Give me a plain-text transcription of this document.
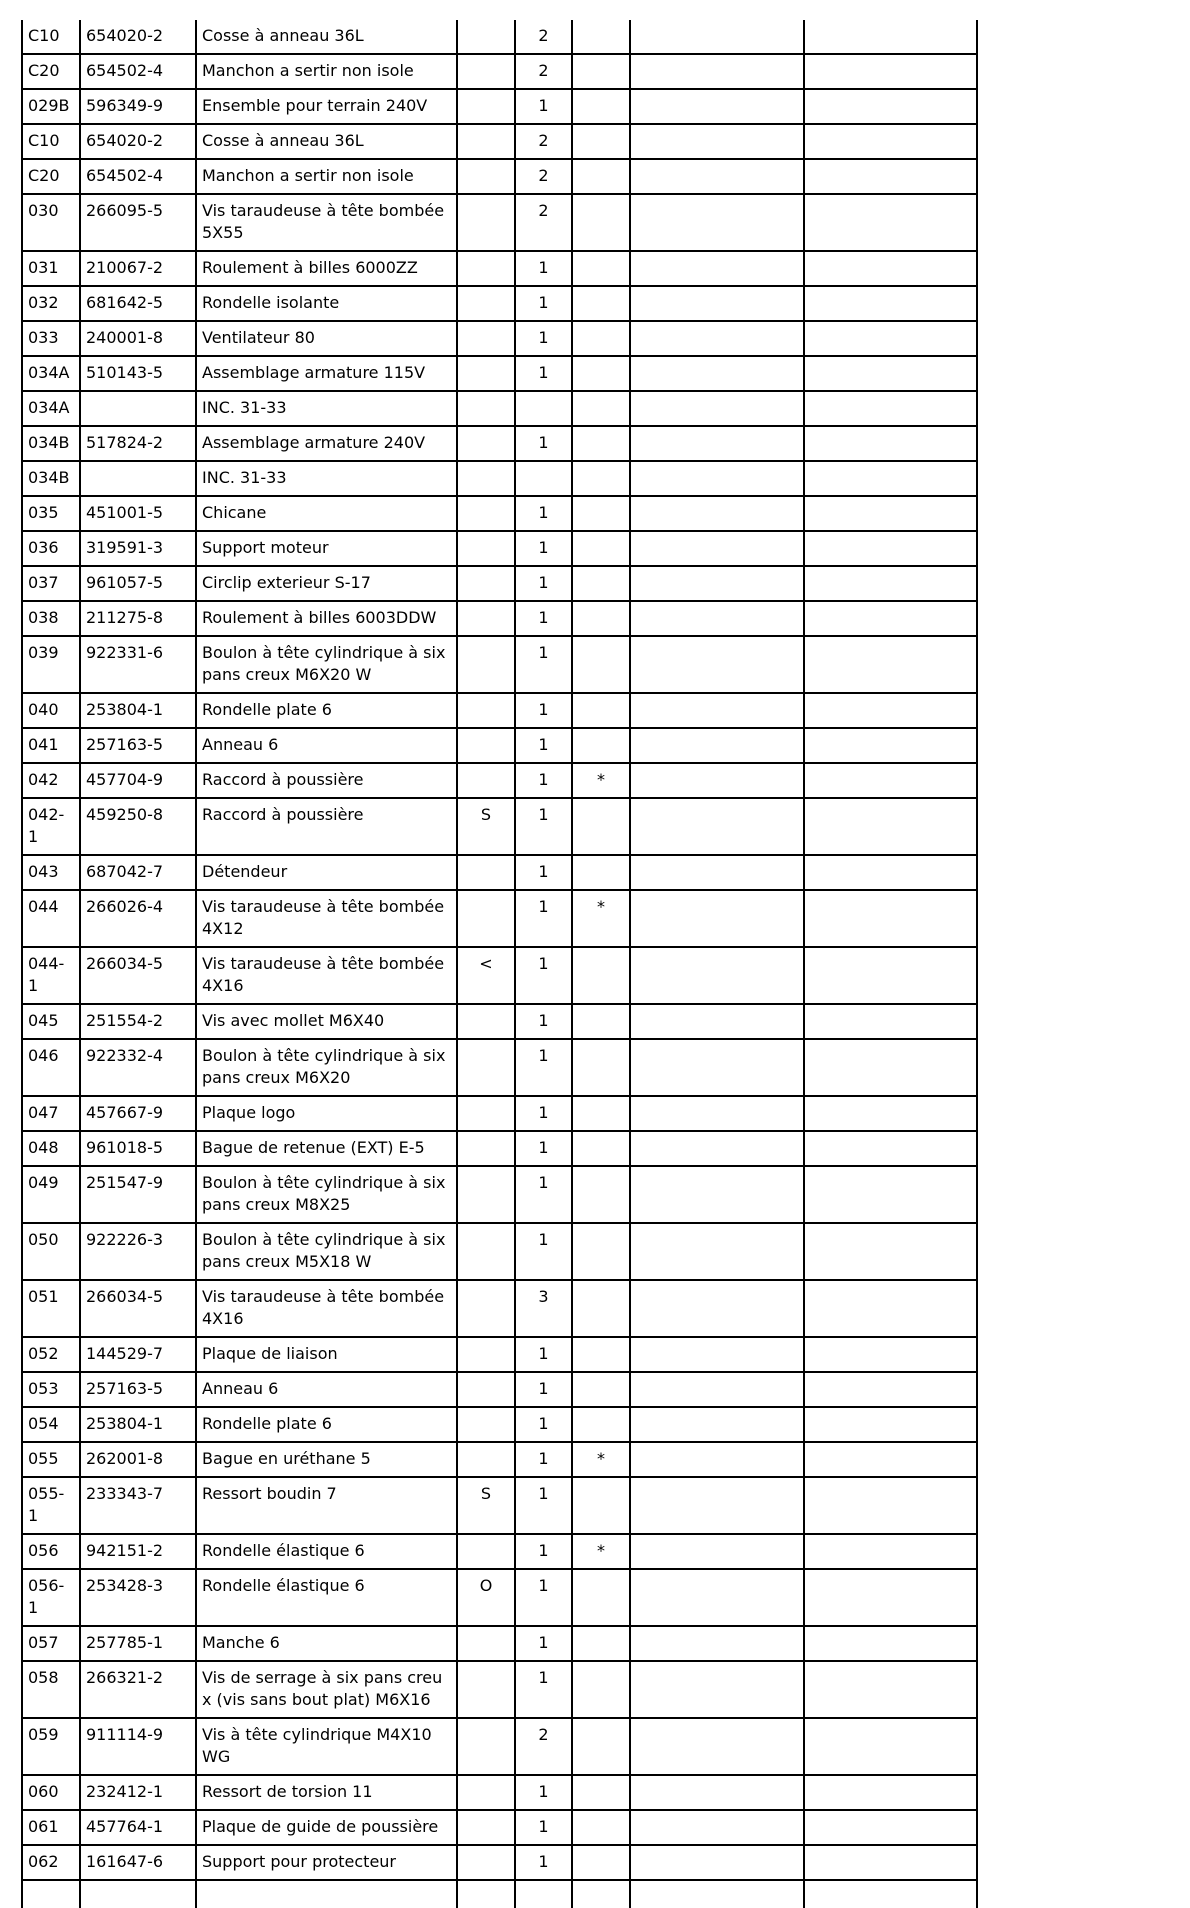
C10	654020-2	Cosse à anneau 36L		2			
C20	654502-4	Manchon a sertir non isole		2			
029B	596349-9	Ensemble pour terrain 240V		1			
C10	654020-2	Cosse à anneau 36L		2			
C20	654502-4	Manchon a sertir non isole		2			
030	266095-5	Vis taraudeuse à tête bombée 5X55		2			
031	210067-2	Roulement à billes 6000ZZ		1			
032	681642-5	Rondelle isolante		1			
033	240001-8	Ventilateur 80		1			
034A	510143-5	Assemblage armature 115V		1			
034A		INC. 31-33					
034B	517824-2	Assemblage armature 240V		1			
034B		INC. 31-33					
035	451001-5	Chicane		1			
036	319591-3	Support moteur		1			
037	961057-5	Circlip exterieur S-17		1			
038	211275-8	Roulement à billes 6003DDW		1			
039	922331-6	Boulon à tête cylindrique à six pans creux M6X20 W		1			
040	253804-1	Rondelle plate 6		1			
041	257163-5	Anneau 6		1			
042	457704-9	Raccord à poussière		1	*		
042-1	459250-8	Raccord à poussière	S	1			
043	687042-7	Détendeur		1			
044	266026-4	Vis taraudeuse à tête bombée 4X12		1	*		
044-1	266034-5	Vis taraudeuse à tête bombée 4X16	<	1			
045	251554-2	Vis avec mollet M6X40		1			
046	922332-4	Boulon à tête cylindrique à six pans creux M6X20		1			
047	457667-9	Plaque logo		1			
048	961018-5	Bague de retenue (EXT) E-5		1			
049	251547-9	Boulon à tête cylindrique à six pans creux M8X25		1			
050	922226-3	Boulon à tête cylindrique à six pans creux M5X18 W		1			
051	266034-5	Vis taraudeuse à tête bombée 4X16		3			
052	144529-7	Plaque de liaison		1			
053	257163-5	Anneau 6		1			
054	253804-1	Rondelle plate 6		1			
055	262001-8	Bague en uréthane 5		1	*		
055-1	233343-7	Ressort boudin 7	S	1			
056	942151-2	Rondelle élastique 6		1	*		
056-1	253428-3	Rondelle élastique 6	O	1			
057	257785-1	Manche 6		1			
058	266321-2	Vis de serrage à six pans creux (vis sans bout plat) M6X16		1			
059	911114-9	Vis à tête cylindrique M4X10 WG		2			
060	232412-1	Ressort de torsion 11		1			
061	457764-1	Plaque de guide de poussière		1			
062	161647-6	Support pour protecteur		1			
